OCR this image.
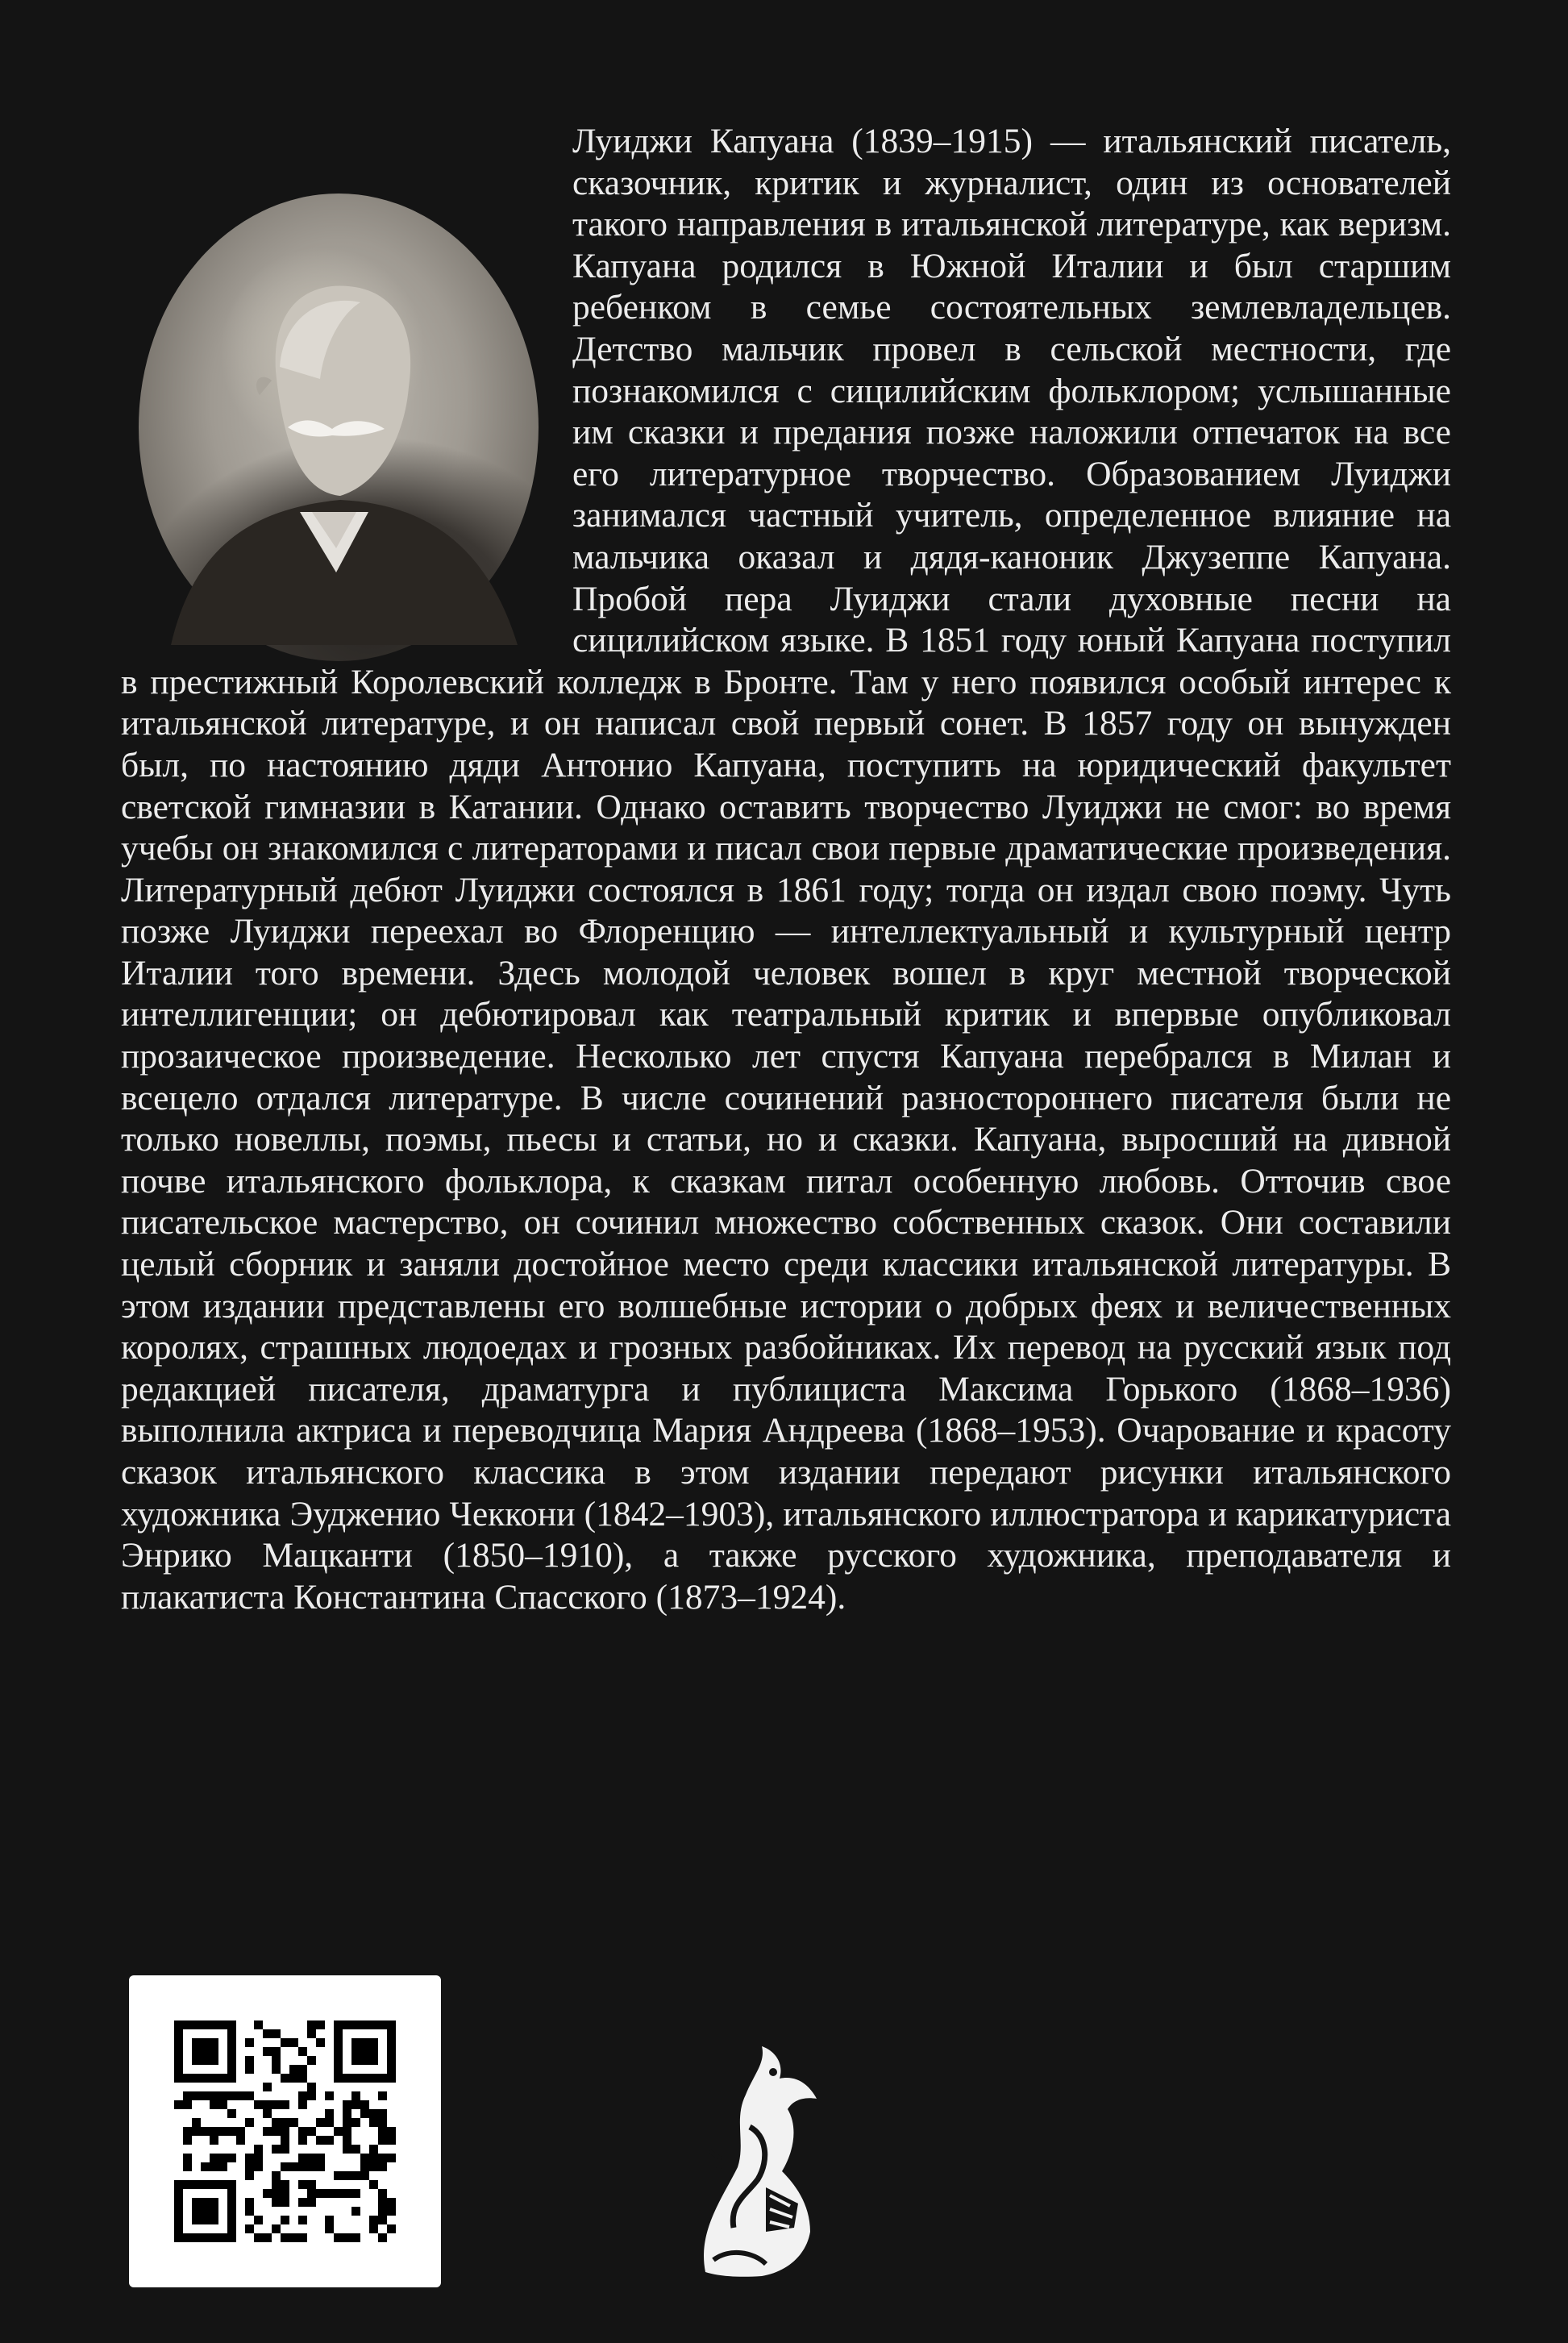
Луиджи Капуана (1839–1915) — итальянский писатель, сказочник, критик и журналист, один из основателей такого направления в итальянской литературе, как веризм. Капуана родился в Южной Италии и был старшим ребенком в семье состоятельных землевладельцев. Детство мальчик провел в сельской местности, где познакомился с сицилийским фольклором; услышанные им сказки и предания позже наложили отпечаток на все его литературное творчество. Образованием Луиджи занимался частный учитель, определенное влияние на мальчика оказал и дядя-каноник Джузеппе Капуана. Пробой пера Луиджи стали духовные песни на сицилийском языке. В 1851 году юный Капуана поступил в престижный Королевский колледж в Бронте. Там у него появился особый интерес к итальянской литературе, и он написал свой первый сонет. В 1857 году он вынужден был, по настоянию дяди Антонио Капуана, поступить на юридический факультет светской гимназии в Катании. Однако оставить творчество Луиджи не смог: во время учебы он знакомился с литераторами и писал свои первые драматические произведения. Литературный дебют Луиджи состоялся в 1861 году; тогда он издал свою поэму. Чуть позже Луиджи переехал во Флоренцию — интеллектуальный и культурный центр Италии того времени. Здесь молодой человек вошел в круг местной творческой интеллигенции; он дебютировал как театральный критик и впервые опубликовал прозаическое произведение. Несколько лет спустя Капуана перебрался в Милан и всецело отдался литературе. В числе сочинений разностороннего писателя были не только новеллы, поэмы, пьесы и статьи, но и сказки. Капуана, выросший на дивной почве итальянского фольклора, к сказкам питал особенную любовь. Отточив свое писательское мастерство, он сочинил множество собственных сказок. Они составили целый сборник и заняли достойное место среди классики итальянской литературы. В этом издании представлены его волшебные истории о добрых феях и величественных королях, страшных людоедах и грозных разбойниках. Их перевод на русский язык под редакцией писателя, драматурга и публициста Максима Горького (1868–1936) выполнила актриса и переводчица Мария Андреева (1868–1953). Очарование и красоту сказок итальянского классика в этом издании передают рисунки итальянского художника Эудженио Чеккони (1842–1903), итальянского иллюстратора и карикатуриста Энрико Мацканти (1850–1910), а также русского художника, преподавателя и плакатиста Константина Спасского (1873–1924).
